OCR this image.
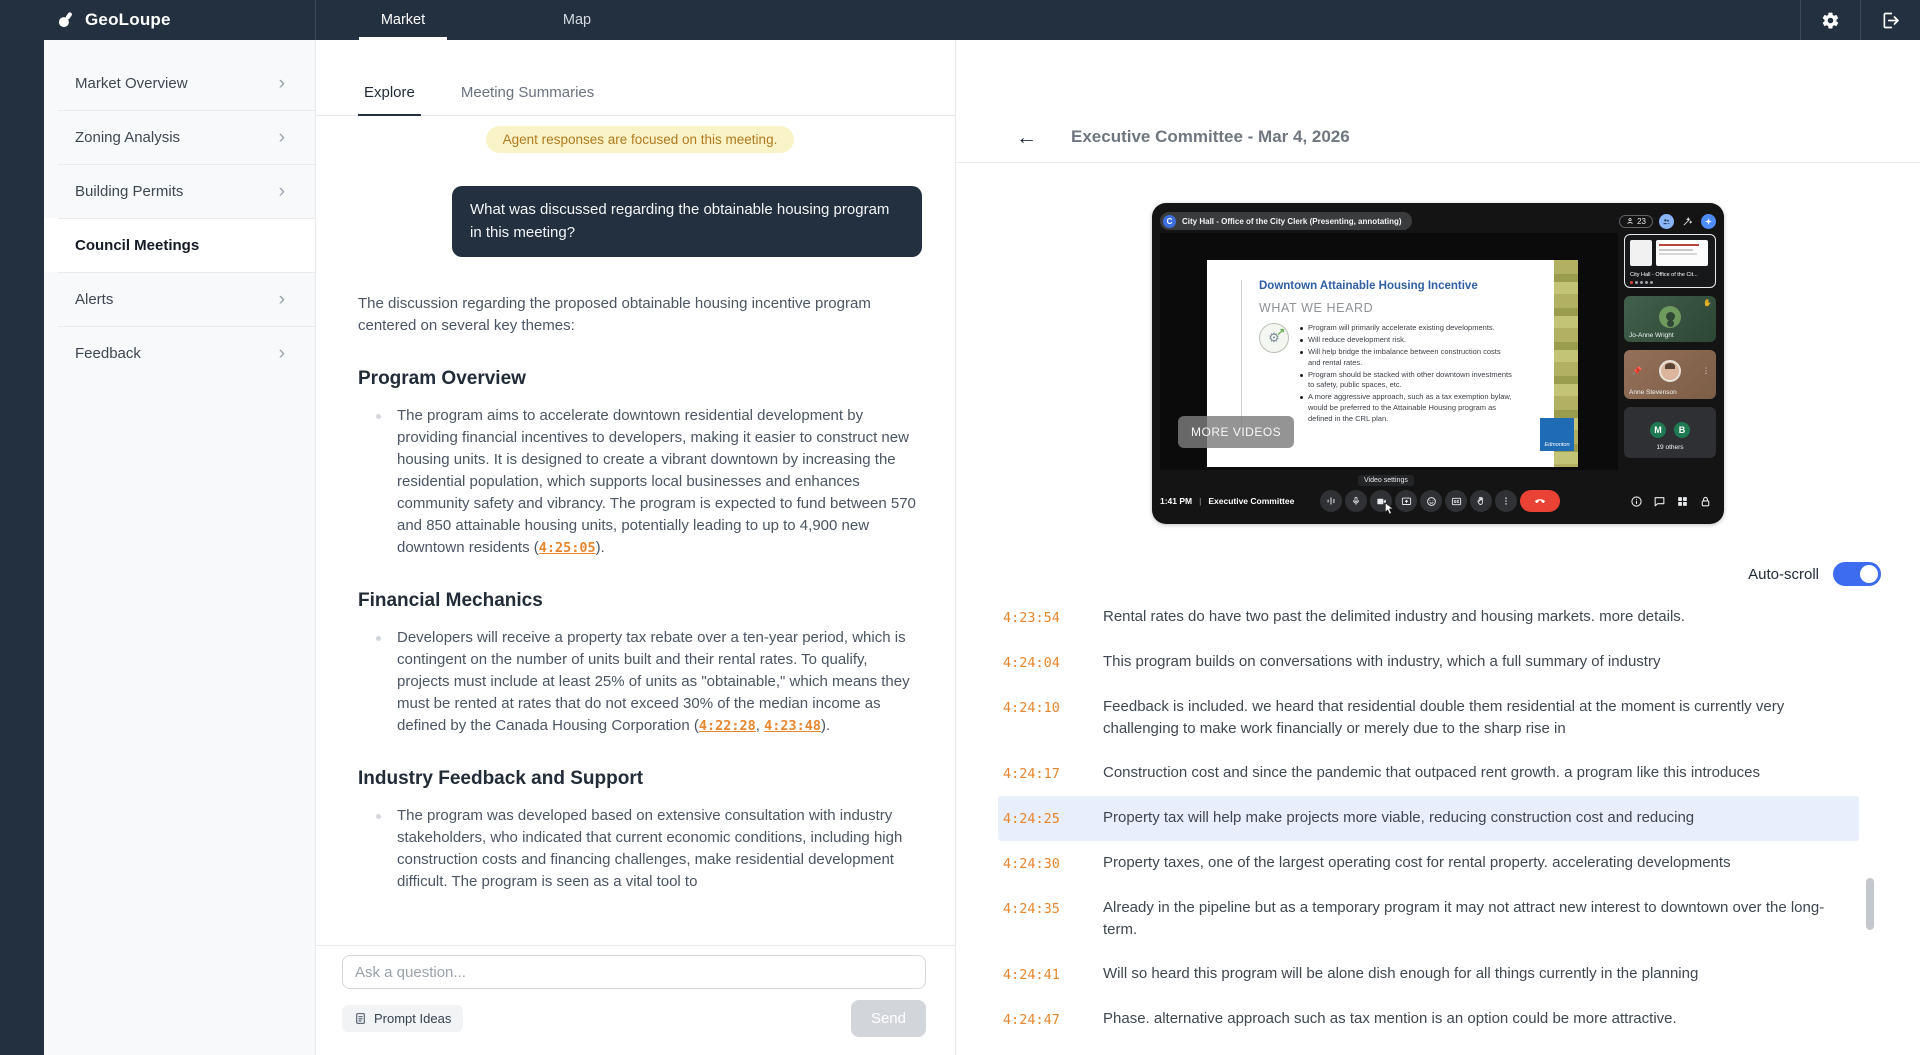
GeoLoupe	Market	Map
Market Overview	›
Zoning Analysis	›
Building Permits	›
Council Meetings
Alerts	›
Feedback	›
Explore	Meeting Summaries
Agent responses are focused on this meeting.
What was discussed regarding the obtainable housing program in this meeting?

The discussion regarding the proposed obtainable housing incentive program centered on several key themes:

Program Overview
The program aims to accelerate downtown residential development by providing financial incentives to developers, making it easier to construct new housing units. It is designed to create a vibrant downtown by increasing the residential population, which supports local businesses and enhances community safety and vibrancy. The program is expected to fund between 570 and 850 attainable housing units, potentially leading to up to 4,900 new downtown residents (4:25:05).
Financial Mechanics
Developers will receive a property tax rebate over a ten-year period, which is contingent on the number of units built and their rental rates. To qualify, projects must include at least 25% of units as "obtainable," which means they must be rented at rates that do not exceed 30% of the median income as defined by the Canada Housing Corporation (4:22:28, 4:23:48).
Industry Feedback and Support
The program was developed based on extensive consultation with industry stakeholders, who indicated that current economic conditions, including high construction costs and financing challenges, make residential development difficult. The program is seen as a vital tool to
Ask a question...
Prompt Ideas	Send
← Executive Committee - Mar 4, 2026
C	City Hall - Office of the City Clerk (Presenting, annotating)	23
Downtown Attainable Housing Incentive
WHAT WE HEARD
⚙
↗	Program will primarily accelerate existing developments.
Will reduce development risk.
Will help bridge the imbalance between construction costs and rental rates.
Program should be stacked with other downtown investments to safety, public spaces, etc.
A more aggressive approach, such as a tax exemption bylaw, would be preferred to the Attainable Housing program as defined in the CRL plan.
Edmonton
MORE VIDEOS
City Hall - Office of the Cit...
✋
Jo-Anne Wright
📌	⋮
Anne Stevenson
M	B
19 others
1:41 PM | Executive Committee
Video settings
Auto-scroll
4:23:54	Rental rates do have two past the delimited industry and housing markets. more details.

4:24:04	This program builds on conversations with industry, which a full summary of industry

4:24:10	Feedback is included. we heard that residential double them residential at the moment is currently very challenging to make work financially or merely due to the sharp rise in

4:24:17	Construction cost and since the pandemic that outpaced rent growth. a program like this introduces

4:24:25	Property tax will help make projects more viable, reducing construction cost and reducing

4:24:30	Property taxes, one of the largest operating cost for rental property. accelerating developments

4:24:35	Already in the pipeline but as a temporary program it may not attract new interest to downtown over the long-term.

4:24:41	Will so heard this program will be alone dish enough for all things currently in the planning

4:24:47	Phase. alternative approach such as tax mention is an option could be more attractive.
